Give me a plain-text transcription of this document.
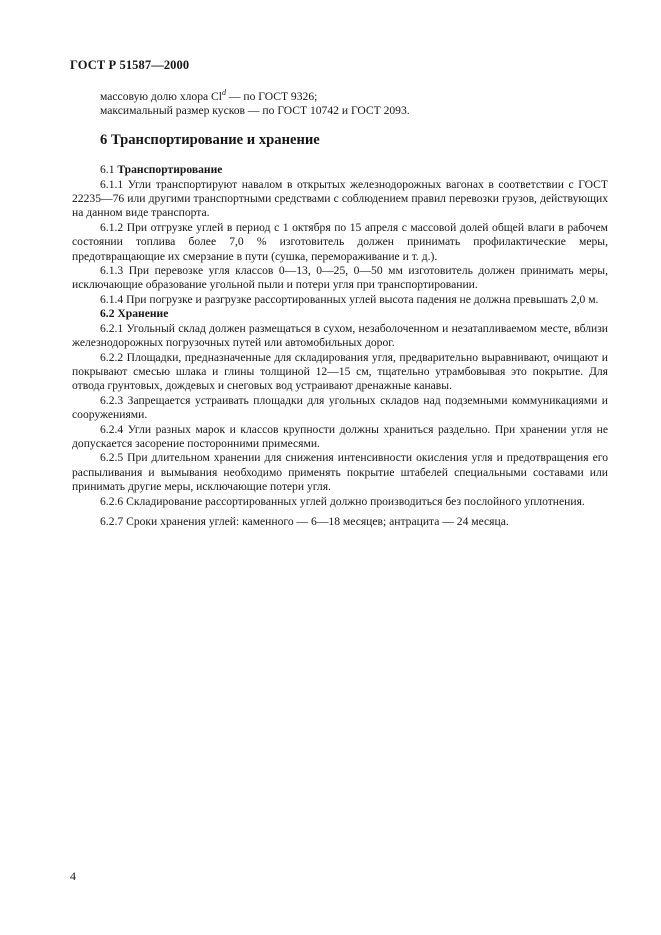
ГОСТ Р 51587—2000

массовую долю хлора Cl$^d$ — по ГОСТ 9326;

максимальный размер кусков — по ГОСТ 10742 и ГОСТ 2093.

6 Транспортирование и хранение

6.1 Транспортирование

6.1.1 Угли транспортируют навалом в открытых железнодорожных вагонах в соответствии с ГОСТ 22235—76 или другими транспортными средствами с соблюдением правил перевозки грузов, действующих на данном виде транспорта.

6.1.2 При отгрузке углей в период с 1 октября по 15 апреля с массовой долей общей влаги в рабочем состоянии топлива более 7,0 % изготовитель должен принимать профилактические меры, предотвращающие их смерзание в пути (сушка, перемораживание и т. д.).

6.1.3 При перевозке угля классов 0—13, 0—25, 0—50 мм изготовитель должен принимать меры, исключающие образование угольной пыли и потери угля при транспортировании.

6.1.4 При погрузке и разгрузке рассортированных углей высота падения не должна превышать 2,0 м.

6.2 Хранение

6.2.1 Угольный склад должен размещаться в сухом, незаболоченном и незатапливаемом месте, вблизи железнодорожных погрузочных путей или автомобильных дорог.

6.2.2 Площадки, предназначенные для складирования угля, предварительно выравнивают, очищают и покрывают смесью шлака и глины толщиной 12—15 см, тщательно утрамбовывая это покрытие. Для отвода грунтовых, дождевых и снеговых вод устраивают дренажные канавы.

6.2.3 Запрещается устраивать площадки для угольных складов над подземными коммуникациями и сооружениями.

6.2.4 Угли разных марок и классов крупности должны храниться раздельно. При хранении угля не допускается засорение посторонними примесями.

6.2.5 При длительном хранении для снижения интенсивности окисления угля и предотвращения его распыливания и вымывания необходимо применять покрытие штабелей специальными составами или принимать другие меры, исключающие потери угля.

6.2.6 Складирование рассортированных углей должно производиться без послойного уплотнения.

6.2.7 Сроки хранения углей: каменного — 6—18 месяцев; антрацита — 24 месяца.

4
